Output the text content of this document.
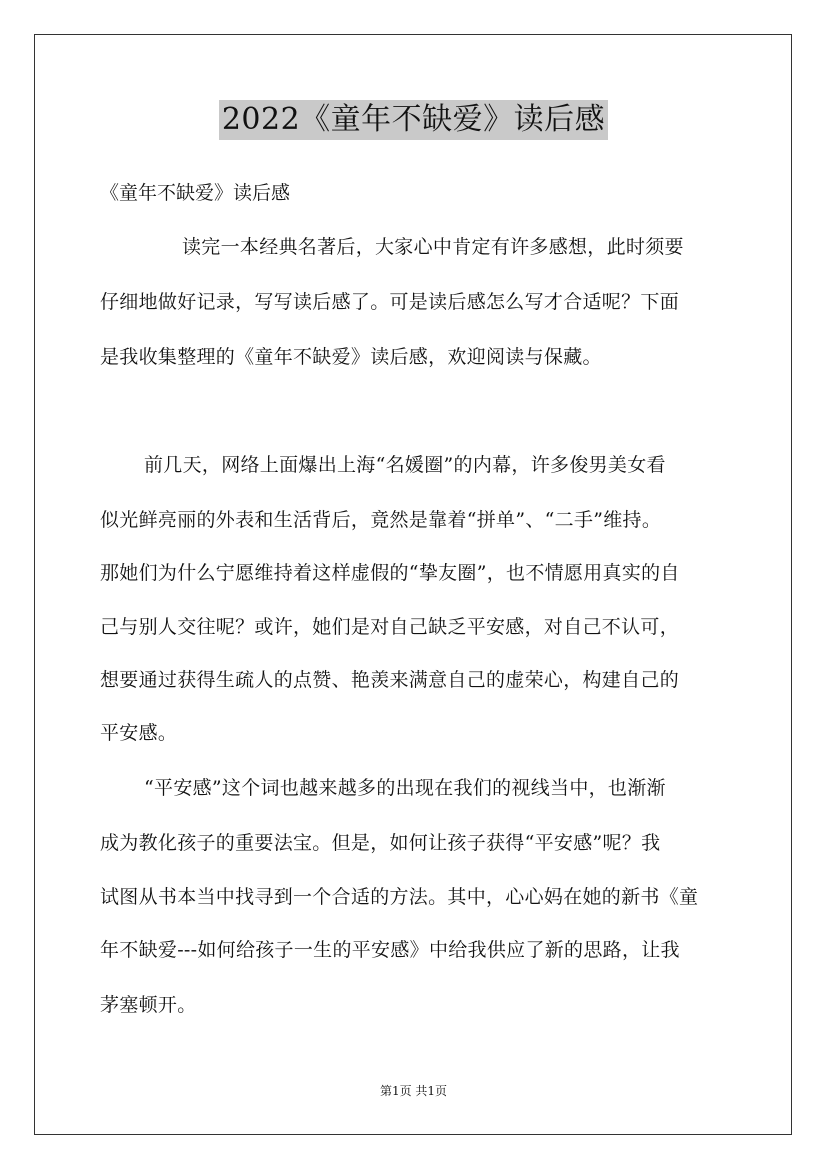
2022《童年不缺爱》读后感
《童年不缺爱》读后感
读完一本经典名著后，大家心中肯定有许多感想，此时须要
仔细地做好记录，写写读后感了。可是读后感怎么写才合适呢？下面
是我收集整理的《童年不缺爱》读后感，欢迎阅读与保藏。
前几天，网络上面爆出上海“名媛圈”的内幕，许多俊男美女看
似光鲜亮丽的外表和生活背后，竟然是靠着“拼单”、“二手”维持。
那她们为什么宁愿维持着这样虚假的“挚友圈”，也不情愿用真实的自
己与别人交往呢？或许，她们是对自己缺乏平安感，对自己不认可，
想要通过获得生疏人的点赞、艳羡来满意自己的虚荣心，构建自己的
平安感。
“平安感”这个词也越来越多的出现在我们的视线当中，也渐渐
成为教化孩子的重要法宝。但是，如何让孩子获得“平安感”呢？我
试图从书本当中找寻到一个合适的方法。其中，心心妈在她的新书《童
年不缺爱---如何给孩子一生的平安感》中给我供应了新的思路，让我
茅塞顿开。
第1页 共1页
